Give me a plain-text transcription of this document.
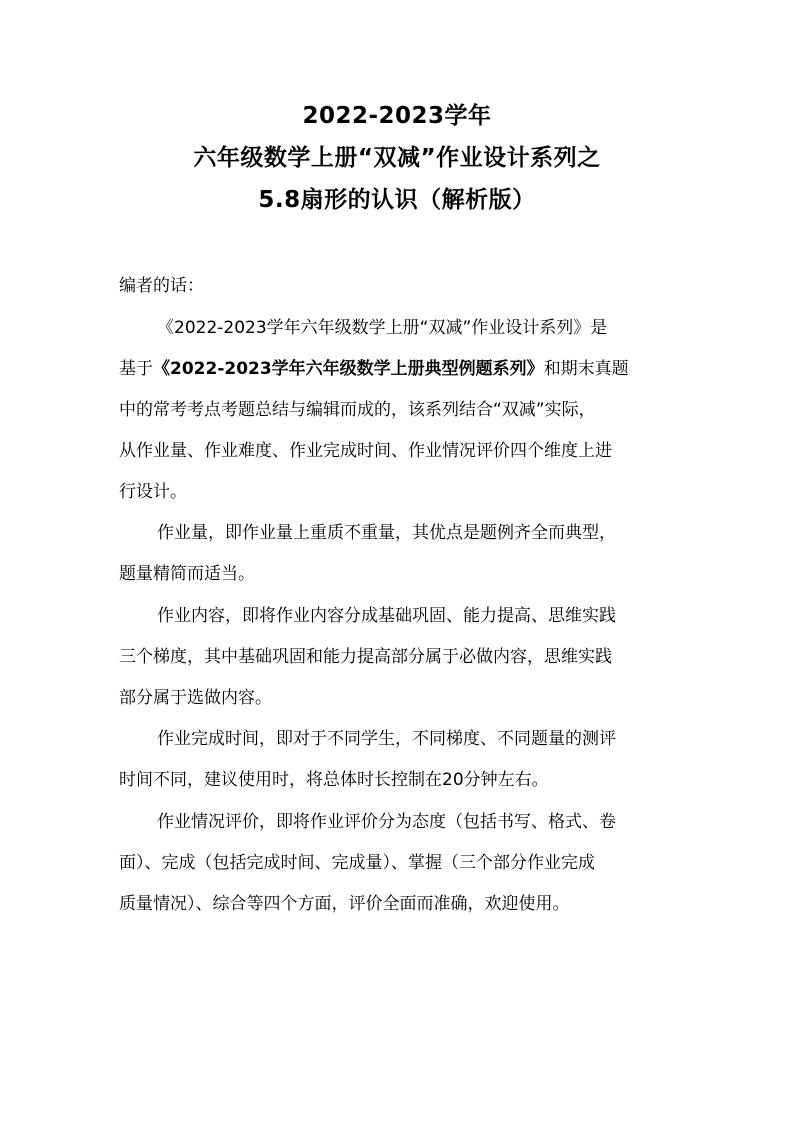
2022-2023学年
六年级数学上册“双减”作业设计系列之
5.8扇形的认识（解析版）
编者的话：
《2022-2023学年六年级数学上册“双减”作业设计系列》是
基于《2022-2023学年六年级数学上册典型例题系列》和期末真题
中的常考考点考题总结与编辑而成的，该系列结合“双减”实际，
从作业量、作业难度、作业完成时间、作业情况评价四个维度上进
行设计。
作业量，即作业量上重质不重量，其优点是题例齐全而典型，
题量精简而适当。
作业内容，即将作业内容分成基础巩固、能力提高、思维实践
三个梯度，其中基础巩固和能力提高部分属于必做内容，思维实践
部分属于选做内容。
作业完成时间，即对于不同学生，不同梯度、不同题量的测评
时间不同，建议使用时，将总体时长控制在20分钟左右。
作业情况评价，即将作业评价分为态度（包括书写、格式、卷
面）、完成（包括完成时间、完成量）、掌握（三个部分作业完成
质量情况）、综合等四个方面，评价全面而准确，欢迎使用。
